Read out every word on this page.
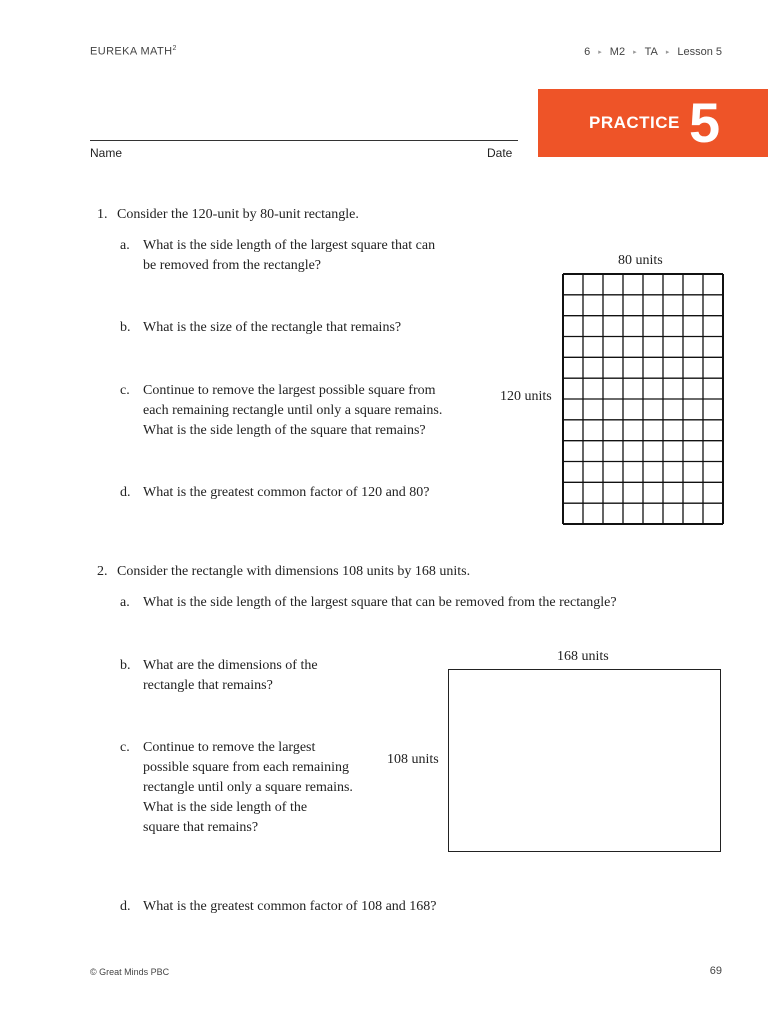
EUREKA MATH$^2$	6 ▸ M2 ▸ TA ▸ Lesson 5
PRACTICE 5
Name	Date
1. Consider the 120-unit by 80-unit rectangle.
a. What is the side length of the largest square that can
be removed from the rectangle?
b. What is the size of the rectangle that remains?
c. Continue to remove the largest possible square from
each remaining rectangle until only a square remains.
What is the side length of the square that remains?
d. What is the greatest common factor of 120 and 80?
80 units
120 units
2. Consider the rectangle with dimensions 108 units by 168 units.
a. What is the side length of the largest square that can be removed from the rectangle?
b. What are the dimensions of the
rectangle that remains?
c. Continue to remove the largest
possible square from each remaining
rectangle until only a square remains.
What is the side length of the
square that remains?
d. What is the greatest common factor of 108 and 168?
168 units
108 units
© Great Minds PBC	69
